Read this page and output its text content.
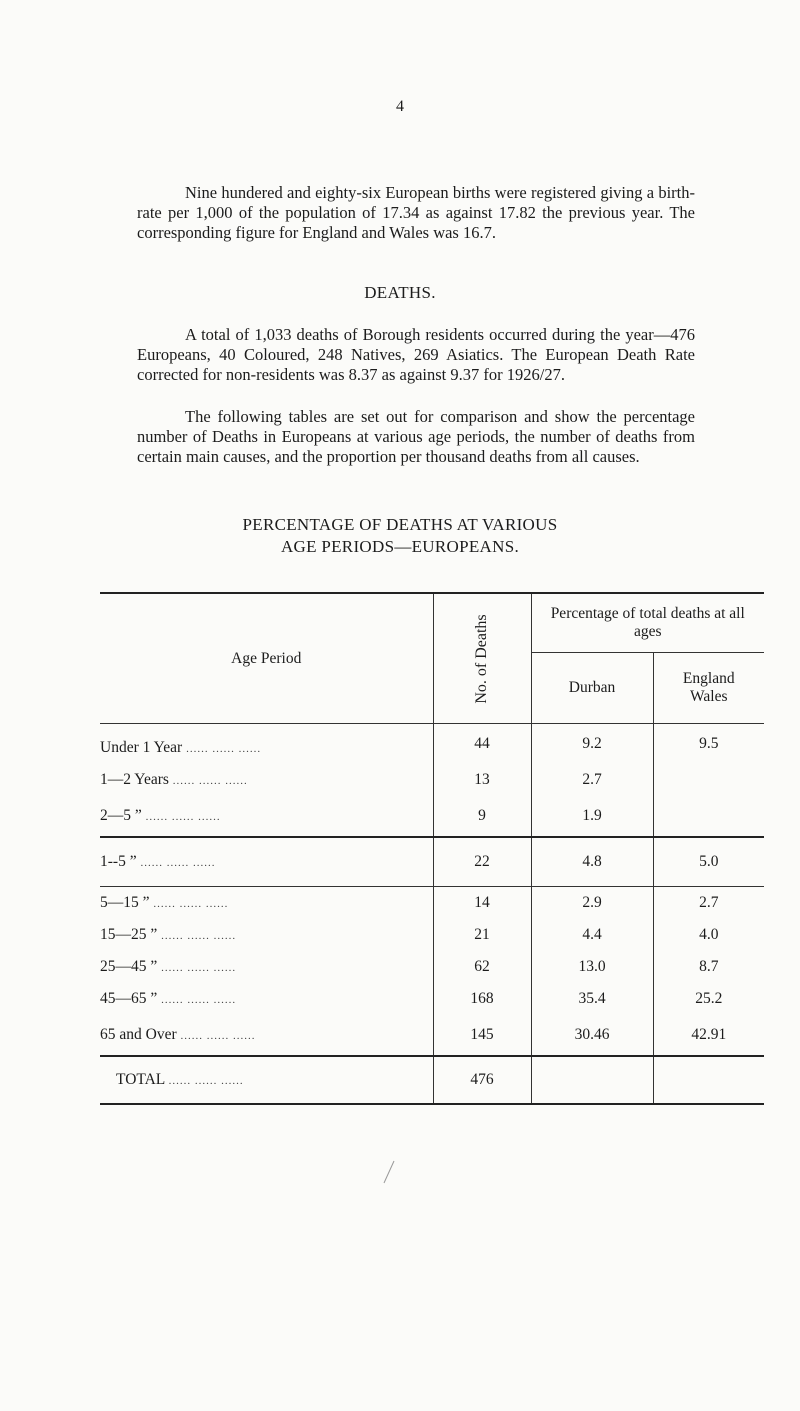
4

Nine hundered and eighty-six European births were registered giving a birth-rate per 1,000 of the population of 17.34 as against 17.82 the previous year. The corresponding figure for England and Wales was 16.7.

DEATHS.

A total of 1,033 deaths of Borough residents occurred during the year—476 Europeans, 40 Coloured, 248 Natives, 269 Asiatics. The European Death Rate corrected for non-residents was 8.37 as against 9.37 for 1926/27.

The following tables are set out for comparison and show the percentage number of Deaths in Europeans at various age periods, the number of deaths from certain main causes, and the proportion per thousand deaths from all causes.

PERCENTAGE OF DEATHS AT VARIOUS

AGE PERIODS—EUROPEANS.

Age Period	No. of Deaths	Percentage of total deaths at all ages	
		Durban	England
Wales

Under 1 Year ...... ...... ......	44	9.2	9.5
1—2 Years ...... ...... ......	13	2.7	
2—5 ” ...... ...... ......	9	1.9	
1--5 ” ...... ...... ......	22	4.8	5.0
5—15 ” ...... ...... ......	14	2.9	2.7
15—25 ” ...... ...... ......	21	4.4	4.0
25—45 ” ...... ...... ......	62	13.0	8.7
45—65 ” ...... ...... ......	168	35.4	25.2
65 and Over ...... ...... ......	145	30.46	42.91
TOTAL ...... ...... ......	476		
